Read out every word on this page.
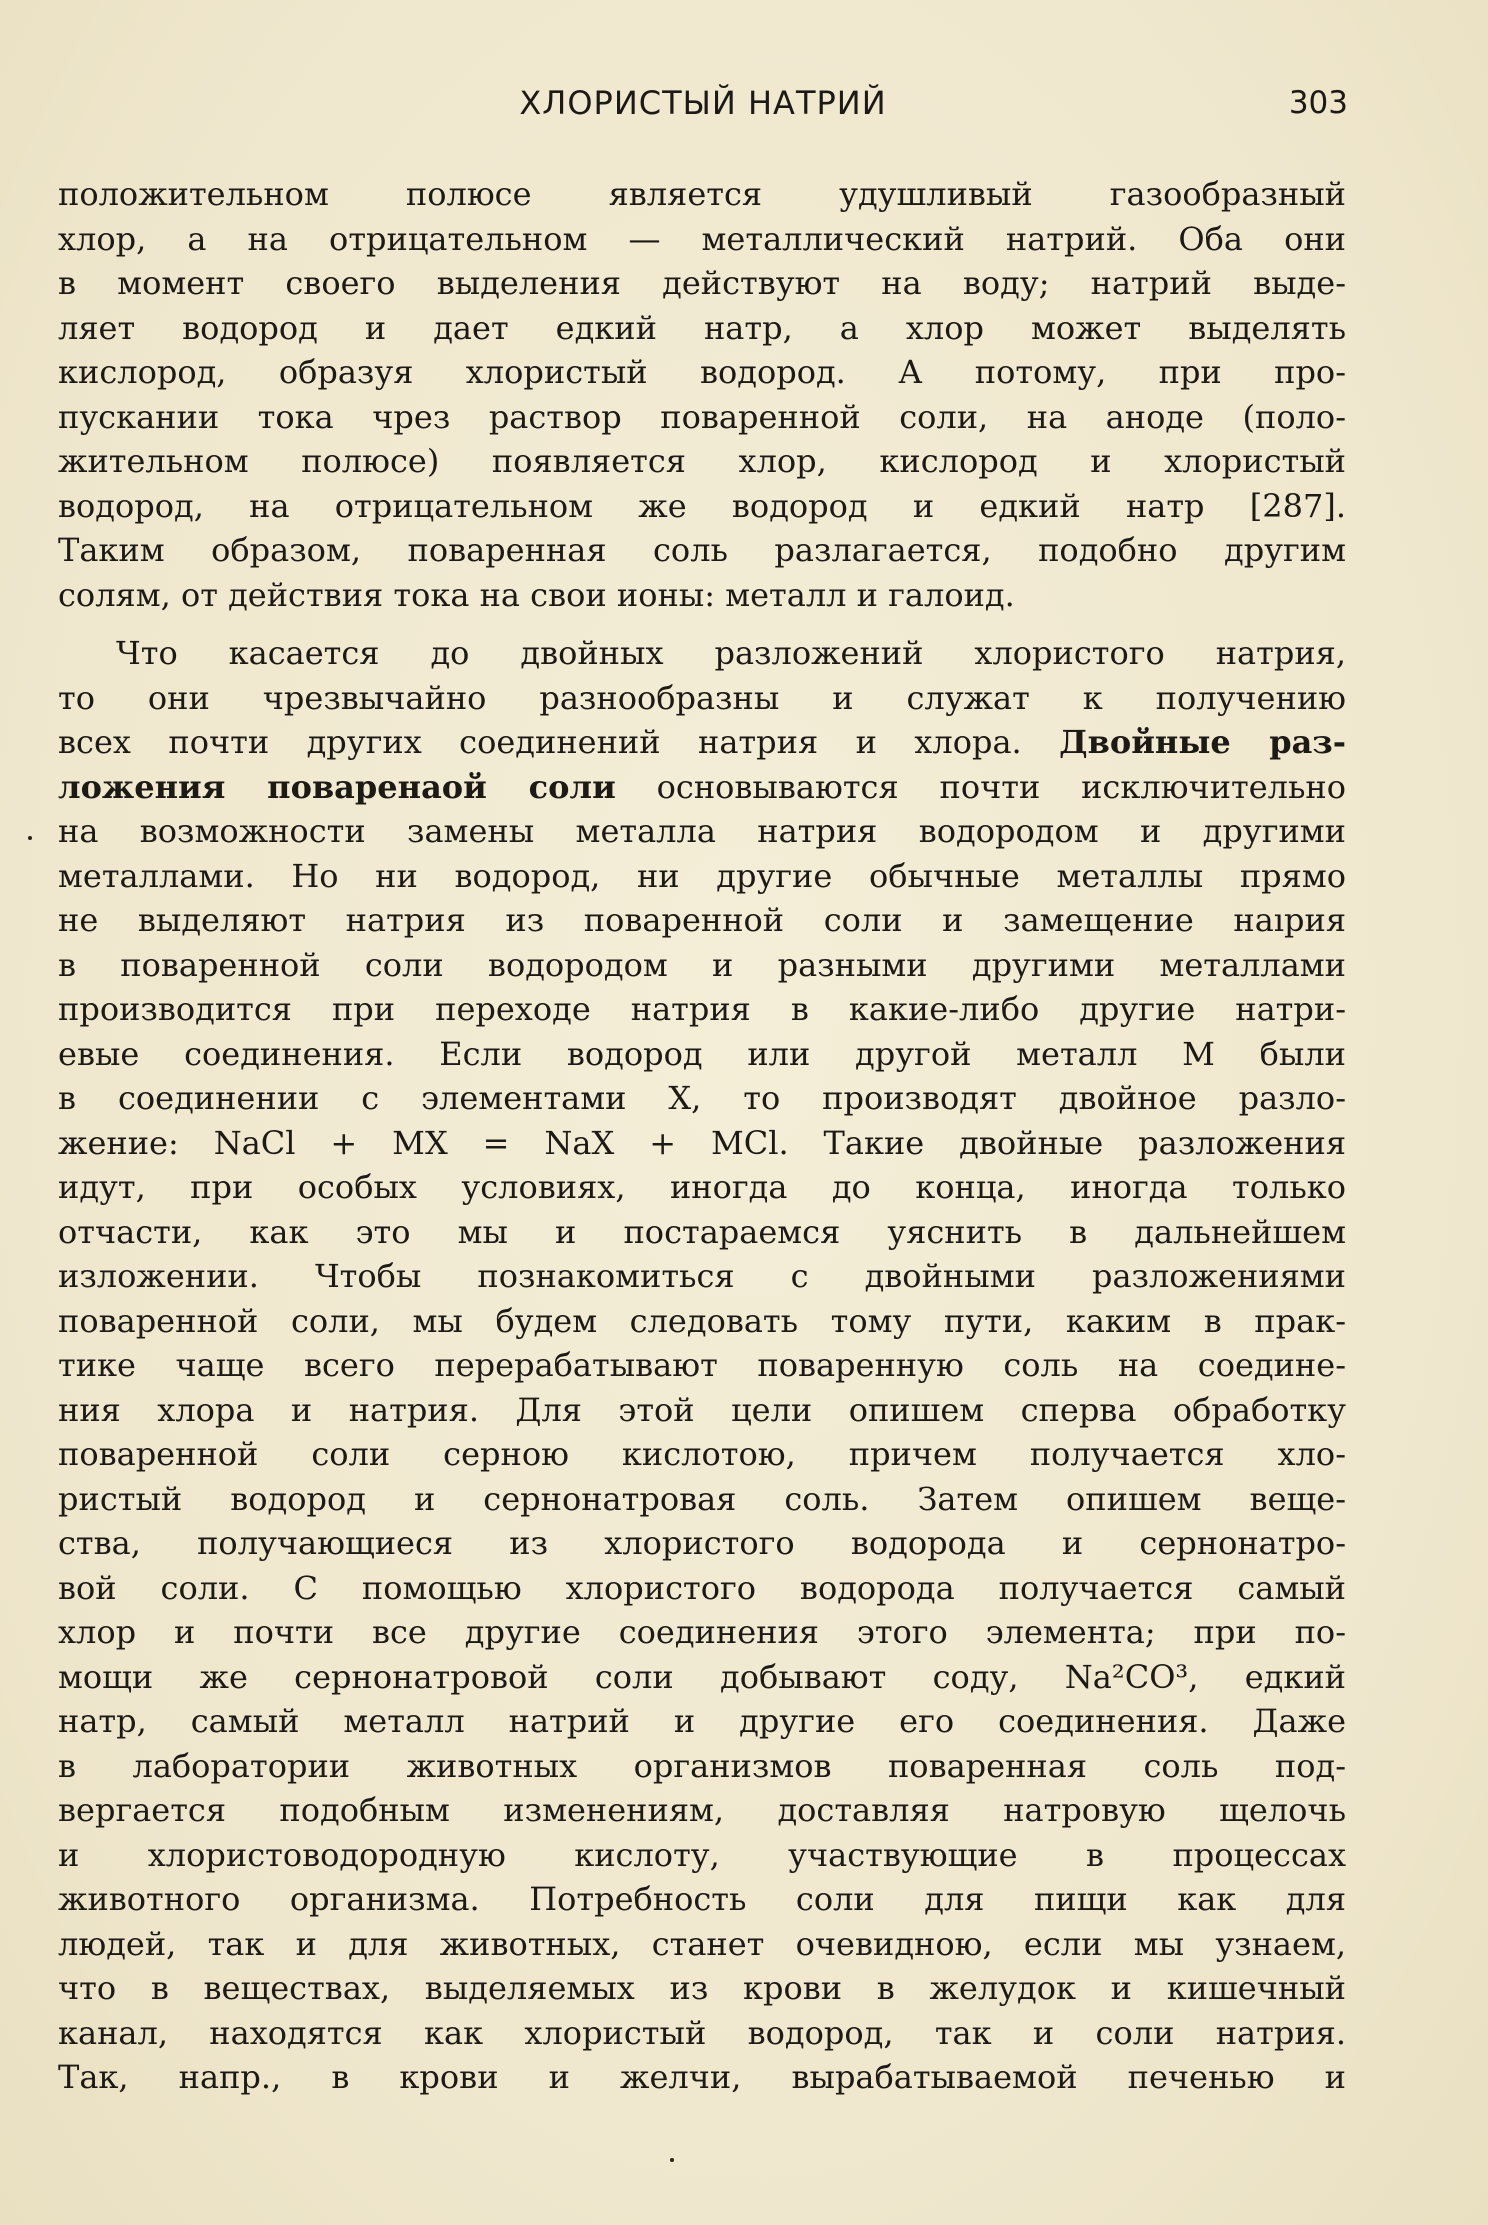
ХЛОРИСТЫЙ НАТРИЙ	303
положительном полюсе является удушливый газообразный
хлор, а на отрицательном — металлический натрий. Оба они
в момент своего выделения действуют на воду; натрий выде-
ляет водород и дает едкий натр, а хлор может выделять
кислород, образуя хлористый водород. А потому, при про-
пускании тока чрез раствор поваренной соли, на аноде (поло-
жительном полюсе) появляется хлор, кислород и хлористый
водород, на отрицательном же водород и едкий натр [287].
Таким образом, поваренная соль разлагается, подобно другим
солям, от действия тока на свои ионы: металл и галоид.
Что касается до двойных разложений хлористого натрия,
то они чрезвычайно разнообразны и служат к получению
всех почти других соединений натрия и хлора. Двойные раз-
ложения поваренаой соли основываются почти исключительно
на возможности замены металла натрия водородом и другими
металлами. Но ни водород, ни другие обычные металлы прямо
не выделяют натрия из поваренной соли и замещение наıрия
в поваренной соли водородом и разными другими металлами
производится при переходе натрия в какие-либо другие натри-
евые соединения. Если водород или другой металл М были
в соединении с элементами X, то производят двойное разло-
жение: NaCl + MX = NaX + MCl. Такие двойные разложения
идут, при особых условиях, иногда до конца, иногда только
отчасти, как это мы и постараемся уяснить в дальнейшем
изложении. Чтобы познакомиться с двойными разложениями
поваренной соли, мы будем следовать тому пути, каким в прак-
тике чаще всего перерабатывают поваренную соль на соедине-
ния хлора и натрия. Для этой цели опишем сперва обработку
поваренной соли серною кислотою, причем получается хло-
ристый водород и сернонатровая соль. Затем опишем веще-
ства, получающиеся из хлористого водорода и сернонатро-
вой соли. С помощью хлористого водорода получается самый
хлор и почти все другие соединения этого элемента; при по-
мощи же сернонатровой соли добывают соду, Na²CO³, едкий
натр, самый металл натрий и другие его соединения. Даже
в лаборатории животных организмов поваренная соль под-
вергается подобным изменениям, доставляя натровую щелочь
и хлористоводородную кислоту, участвующие в процессах
животного организма. Потребность соли для пищи как для
людей, так и для животных, станет очевидною, если мы узнаем,
что в веществах, выделяемых из крови в желудок и кишечный
канал, находятся как хлористый водород, так и соли натрия.
Так, напр., в крови и желчи, вырабатываемой печенью и
